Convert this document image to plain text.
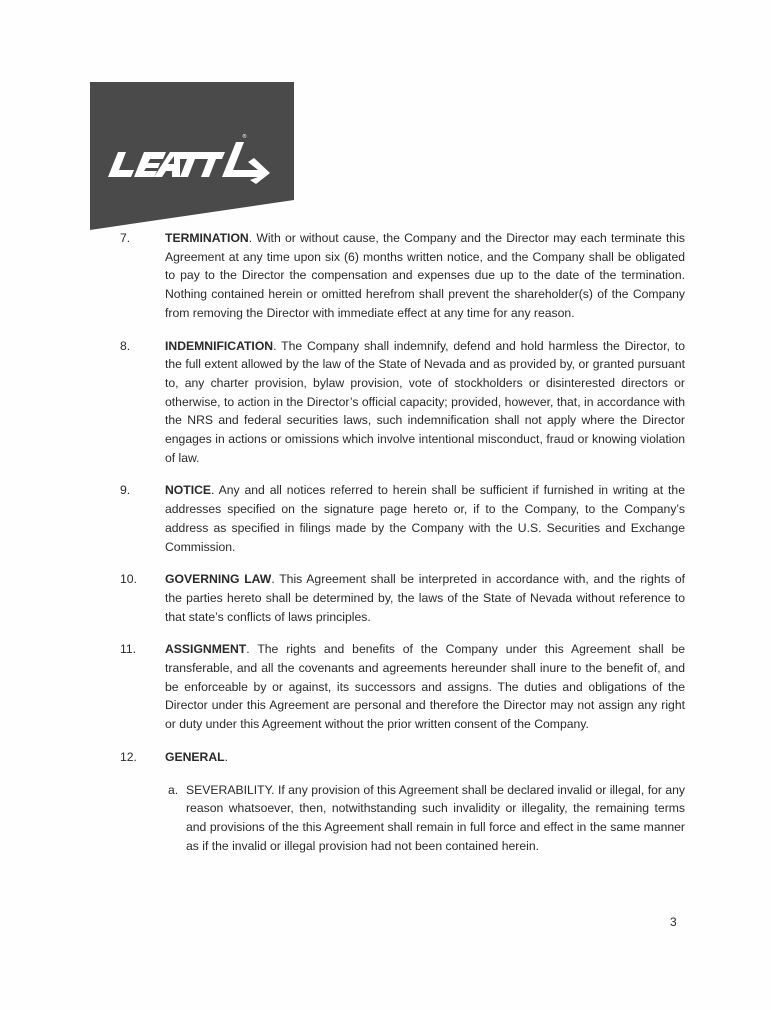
®
7.	TERMINATION. With or without cause, the Company and the Director may each terminate this Agreement at any time upon six (6) months written notice, and the Company shall be obligated to pay to the Director the compensation and expenses due up to the date of the termination. Nothing contained herein or omitted herefrom shall prevent the shareholder(s) of the Company from removing the Director with immediate effect at any time for any reason.
8.	INDEMNIFICATION. The Company shall indemnify, defend and hold harmless the Director, to the full extent allowed by the law of the State of Nevada and as provided by, or granted pursuant to, any charter provision, bylaw provision, vote of stockholders or disinterested directors or otherwise, to action in the Director’s official capacity; provided, however, that, in accordance with the NRS and federal securities laws, such indemnification shall not apply where the Director engages in actions or omissions which involve intentional misconduct, fraud or knowing violation of law.
9.	NOTICE. Any and all notices referred to herein shall be sufficient if furnished in writing at the addresses specified on the signature page hereto or, if to the Company, to the Company’s address as specified in filings made by the Company with the U.S. Securities and Exchange Commission.
10.	GOVERNING LAW. This Agreement shall be interpreted in accordance with, and the rights of the parties hereto shall be determined by, the laws of the State of Nevada without reference to that state’s conflicts of laws principles.
11.	ASSIGNMENT. The rights and benefits of the Company under this Agreement shall be transferable, and all the covenants and agreements hereunder shall inure to the benefit of, and be enforceable by or against, its successors and assigns. The duties and obligations of the Director under this Agreement are personal and therefore the Director may not assign any right or duty under this Agreement without the prior written consent of the Company.
12.	GENERAL.
a. SEVERABILITY. If any provision of this Agreement shall be declared invalid or illegal, for any reason whatsoever, then, notwithstanding such invalidity or illegality, the remaining terms and provisions of the this Agreement shall remain in full force and effect in the same manner as if the invalid or illegal provision had not been contained herein.
3
